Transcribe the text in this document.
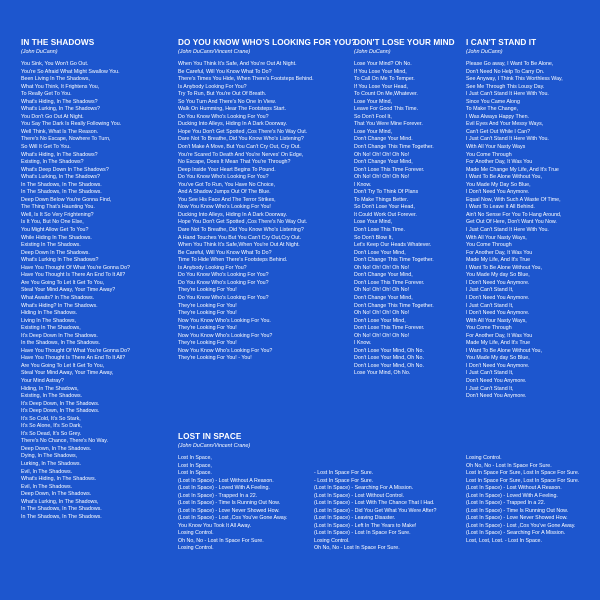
IN THE SHADOWS
(John DuCann)
You Sink, You Won't Go Out.
You're So Afraid What Might Swallow You.
Been Living In The Shadows,
What You Think, It Frightens You,
To Really Get To You.
What's Hiding, In The Shadows?
What's Lurking, In The Shadows?
You Don't Go Out At Night.
You Say The Dark Is Really Following You.
Well Think, What Is The Reason.
There's No Escape, Nowhere To Turn,
So Will It Get To You.
What's Hiding, In The Shadows?
Existing, In The Shadows?
What's Deep Down In The Shadows?
What's Lurking, In The Shadows?
In The Shadows, In The Shadows.
In The Shadows, In The Shadows.
Deep Down Below You're Gonna Find,
The Thing That's Haunting You.
Well, Is It So Very Frightening?
Is It You, But No One Else,
You Might Allow Get To You?
While Hiding In The Shadows.
Existing In The Shadows.
Deep Down In The Shadows.
What's Lurking In The Shadows?
Have You Thought Of What You're Gonna Do?
Have You Thought Is There An End To It All?
Are You Going To Let It Get To You,
Steal Your Mind Away, Your Time Away?
What Awaits? In The Shadows.
What's Hiding? In The Shadows.
Hiding In The Shadows.
Living In The Shadows,
Existing In The Shadows,
It's Deep Down In The Shadows.
In the Shadows, In The Shadows.
Have You Thought Of What You're Gonna Do?
Have You Thought Is There An End To It All?
Are You Going To Let It Get To You,
Steal Your Mind Away, Your Time Away,
Your Mind Astray?
Hiding, In The Shadows,
Existing, In The Shadows.
It's Deep Down, In The Shadows.
It's Deep Down, In The Shadows.
It's So Cold, It's So Stark,
It's So Alone, It's So Dark,
It's So Dead, It's So Grey.
There's No Chance, There's No Way.
Deep Down, In The Shadows.
Dying, In The Shadows,
Lurking, In The Shadows.
Evil, In The Shadows.
What's Hiding, In The Shadows.
Evil, In The Shadows.
Deep Down, In The Shadows.
What's Lurking, In The Shadows,
In The Shadows, In The Shadows.
In The Shadows, In The Shadows.
DO YOU KNOW WHO'S LOOKING FOR YOU?
(John DuCann/Vincent Crane)
When You Think It's Safe, And You're Out At Night.
Be Careful, Will You Know What To Do?
There's Times You Hide, When There's Footsteps Behind.
Is Anybody Looking For You?
Try To Run, But You're Out Of Breath.
So You Turn And There's No One In View.
Walk On Humming, Hear The Footsteps Start.
Do You Know Who's Looking For You?
Ducking Into Alleys, Hiding In A Dark Doorway.
Hope You Don't Get Spotted ,Cos There's No Way Out.
Dare Not To Breathe, Did You Know Who's Listening?
Don't Make A Move, But You Can't Cry Out, Cry Out.
You're Scared To Death And You're Nerves' On Edge,
No Escape, Does It Mean That You're Through?
Deep Inside Your Heart Begins To Pound.
Do You Know Who's Looking For You?
You've Got To Run, You Have No Choice,
And A Shadow Jumps Out Of The Blue.
You See His Face And The Terror Strikes,
Now You Know Who's Looking For You!
Ducking Into Alleys, Hiding In A Dark Doorway.
Hope You Don't Get Spotted ,Cos There's No Way Out.
Dare Not To Breathe, Did You Know Who's Listening?
A Hand Touches You But You Can't Cry Out,Cry Out.
When You Think It's Safe,When You're Out At Night.
Be Careful, Will You Know What To Do?
Time To Hide When There's Footsteps Behind.
Is Anybody Looking For You?
Do You Know Who's Looking For You?
Do You Know Who's Looking For You?
They're Looking For You!
Do You Know Who's Looking For You?
They're Looking For You!
They're Looking For You!
Now You Know Who's Looking For You.
They're Looking For You!
Now You Know Who's Looking For You?
They're Looking For You!
Now You Know Who's Looking For You?
They're Looking For You! - You!
DON'T LOSE YOUR MIND
(John DuCann)
Lose Your Mind? Oh No.
If You Lose Your Mind,
To Call On Me To Temper.
If You Lose Your Head,
To Count On Me,Whatever.
Lose Your Mind,
Leave For Good This Time.
So Don't Fool It,
That You Were Mine Forever.
Lose Your Mind,
Don't Change Your Mind.
Don't Change This Time Together.
Oh No! Oh! Oh! Oh No!
Don't Change Your Mind,
Don't Lose This Time Forever.
Oh No! Oh! Oh! Oh No!
I Know.
Don't Try To Think Of Plans
To Make Things Better.
So Don't Lose Your Head,
It Could Work Out Forever.
Lose Your Mind,
Don't Lose This Time.
So Don't Blow It,
Let's Keep Our Heads Whatever.
Don't Lose Your Mind,
Don't Change This Time Together.
Oh No! Oh! Oh! Oh No!
Don't Change Your Mind,
Don't Lose This Time Forever.
Oh No! Oh! Oh! Oh No!
Don't Change Your Mind,
Don't Change This Time Together.
Oh No! Oh! Oh! Oh No!
Don't Lose Your Mind,
Don't Lose This Time Forever.
Oh No! Oh! Oh! Oh No!
I Know.
Don't Lose Your Mind, Oh No.
Don't Lose Your Mind, Oh No.
Don't Lose Your Mind, Oh No.
Lose Your Mind, Oh No.
I CAN'T STAND IT
(John DuCann)
Please Go away, I Want To Be Alone,
Don't Need No Help To Carry On.
See Anyway, I Think This Worthless Way,
See Me Through This Lousy Day.
I Just Can't Stand It Here With You.
Since You Came Along
To Make The Change,
I Was Always Happy Then.
Evil Eyes And Your Messy Ways,
Can't Get Out While I Can?
I Just Can't Stand It Here With You.
With All Your Nasty Ways
You Come Through
For Another Day, It Was You
Made Me Change My Life, And It's True
I Want To Be Alone Without You,
You Made My Day So Blue,
I Don't Need You Anymore.
Equal Now, With Such A Waste Of Time,
I Want To Leave It All Behind.
Ain't No Sense For You To Hang Around,
Get Out Of Here, Don't Want You Now.
I Just Can't Stand It Here With You.
With All Your Nasty Ways,
You Come Through
For Another Day, It Was You
Made My Life, And It's True
I Want To Be Alone Without You,
You Made My day So Blue,
I Don't Need You Anymore.
I Just Can't Stand It,
I Don't Need You Anymore.
I Just Can't Stand It,
I Don't Need You Anymore.
With All Your Nasty Ways,
You Come Through
For Another Day, It Was You
Made My Life, And It's True
I Want To Be Alone Without You,
You Made My day So Blue,
I Don't Need You Anymore.
I Just Can't Stand It,
Don't Need You Anymore.
I Just Can't Stand It,
Don't Need You Anymore.
LOST IN SPACE
(John DuCann/Vincent Crane)
Lost In Space,
Lost In Space,
Lost In Space.
(Lost In Space) - Lost Without A Reason.
(Lost In Space) - Loved With A Feeling.
(Lost In Space) - Trapped In a 22.
(Lost In Space) - Time Is Running Out Now.
(Lost In Space) - Love Never Showed How.
(Lost In Space) - Lost ,Cos You've Gone Away.
You Know You Took It All Away.
Losing Control.
Oh No, No - Lost In Space For Sure.
Losing Control.
- Lost In Space For Sure.
- Lost In Space For Sure.
(Lost In Space) - Searching For A Mission.
(Lost In Space) - Lost Without Control.
(Lost In Space) - Lost With The Chance That I Had.
(Lost In Space) - Did You Get What You Were After?
(Lost In Space) - Leaving Disaster.
(Lost In Space) - Left In The Years to Make!
(Lost In Space) - Lost In Space For Sure.
Losing Control.
Oh No, No - Lost In Space For Sure.
Losing Control.
Oh No, No - Lost In Space For Sure.
Lost In Space For Sure, Lost In Space For Sure.
Lost In Space For Sure, Lost In Space For Sure.
(Lost In Space) - Lost Without A Reason.
(Lost In Space) - Loved With A Feeling.
(Lost In Space) - Trapped In a 22.
(Lost In Space) - Time Is Running Out Now.
(Lost In Space) - Love Never Showed How.
(Lost In Space) - Lost ,Cos You've Gone Away.
(Lost In Space) - Searching For A Mission.
Lost, Lost, Lost. - Lost In Space.
